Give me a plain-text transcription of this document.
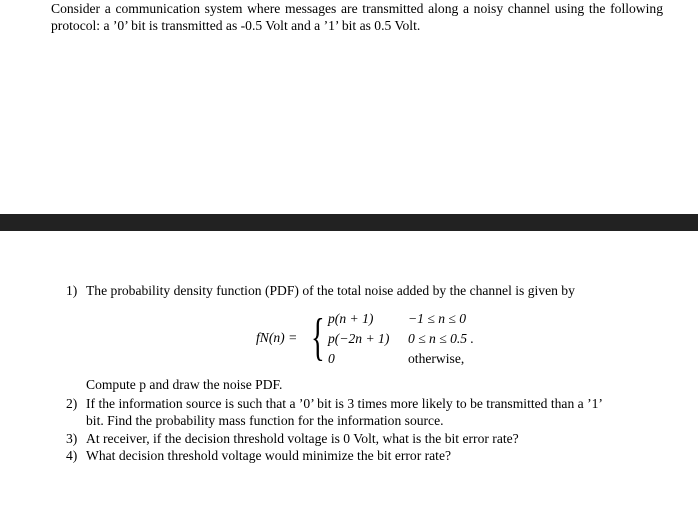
Consider a communication system where messages are transmitted along a noisy channel using the following protocol: a ’0’ bit is transmitted as -0.5 Volt and a ’1’ bit as 0.5 Volt.
1) The probability density function (PDF) of the total noise added by the channel is given by
fN(n) = { p(n + 1)	−1 ≤ n ≤ 0
p(−2n + 1) 0 ≤ n ≤ 0.5 .
0	otherwise,
Compute p and draw the noise PDF.
2) If the information source is such that a ’0’ bit is 3 times more likely to be transmitted than a ’1’
bit. Find the probability mass function for the information source.
3) At receiver, if the decision threshold voltage is 0 Volt, what is the bit error rate?
4) What decision threshold voltage would minimize the bit error rate?
